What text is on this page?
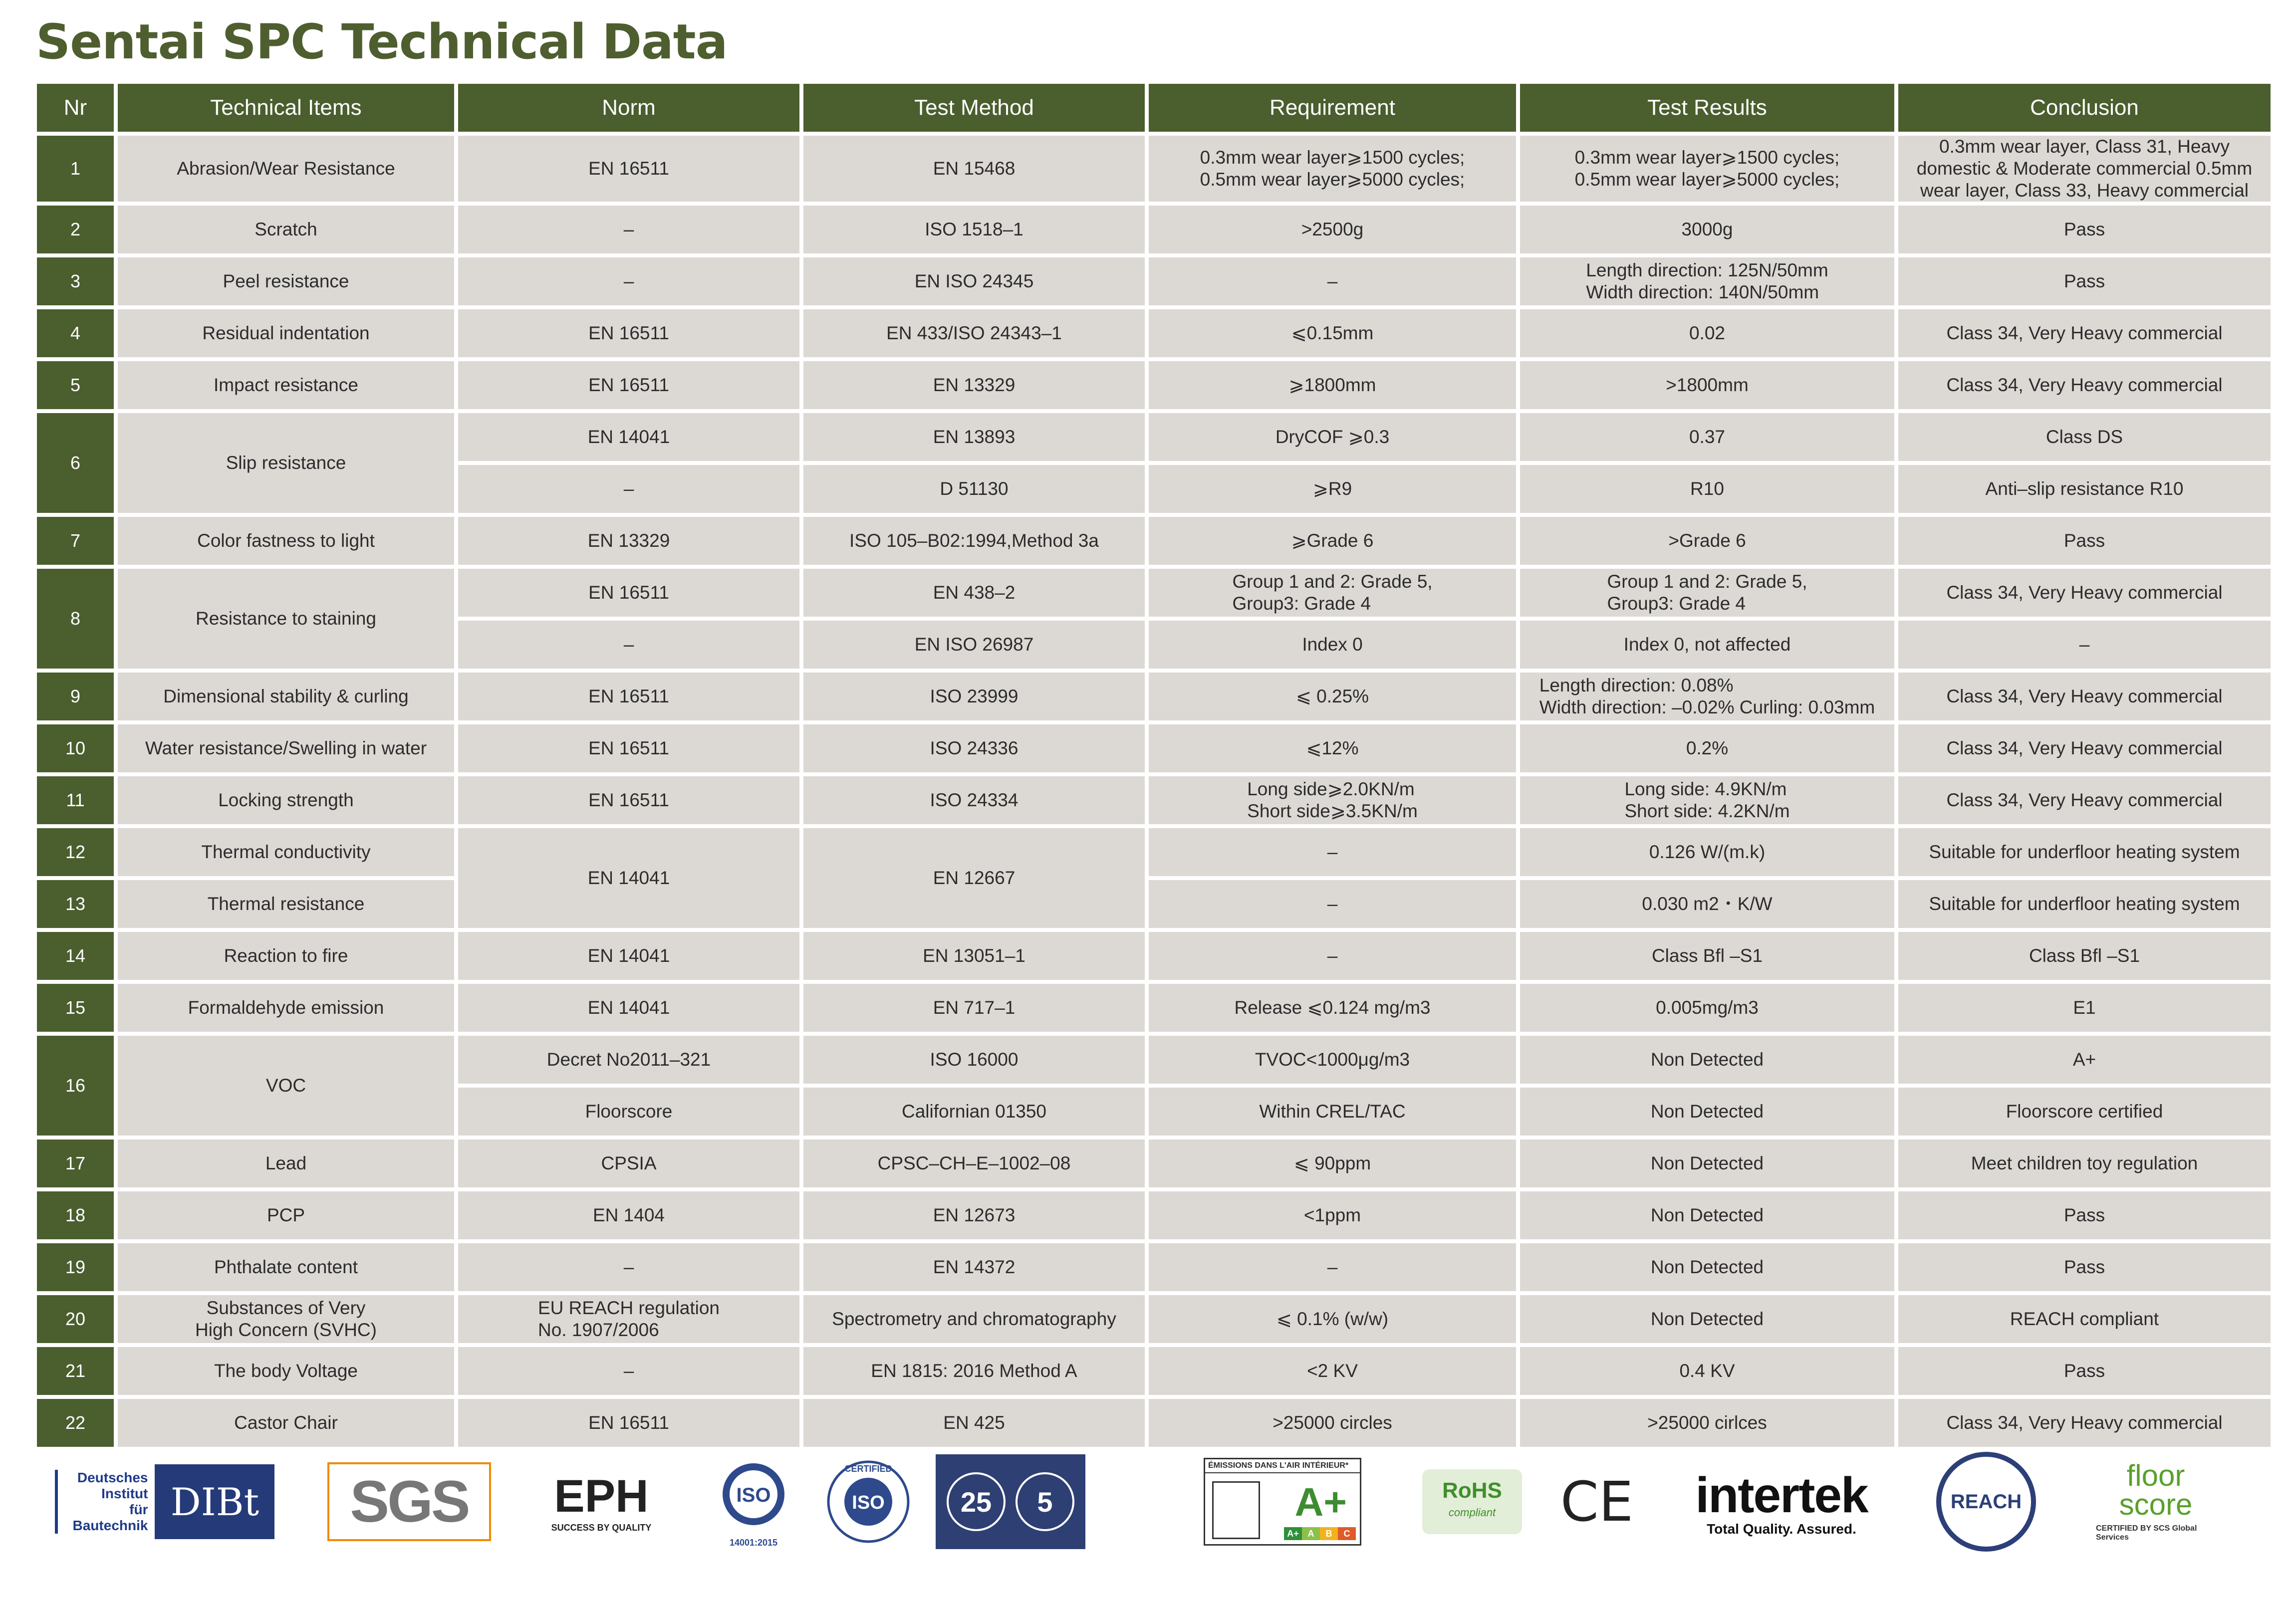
Sentai SPC Technical Data
Nr	Technical Items	Norm	Test Method	Requirement	Test Results	Conclusion
1	Abrasion/Wear Resistance	EN 16511	EN 15468	0.3mm wear layer⩾1500 cycles;
0.5mm wear layer⩾5000 cycles;	0.3mm wear layer⩾1500 cycles;
0.5mm wear layer⩾5000 cycles;	0.3mm wear layer, Class 31, Heavy domestic & Moderate commercial 0.5mm wear layer, Class 33, Heavy commercial
2	Scratch	–	ISO 1518–1	>2500g	3000g	Pass
3	Peel resistance	–	EN ISO 24345	–	Length direction: 125N/50mm
Width direction: 140N/50mm	Pass
4	Residual indentation	EN 16511	EN 433/ISO 24343–1	⩽0.15mm	0.02	Class 34, Very Heavy commercial
5	Impact resistance	EN 16511	EN 13329	⩾1800mm	>1800mm	Class 34, Very Heavy commercial
6	Slip resistance	EN 14041	EN 13893	DryCOF ⩾0.3	0.37	Class DS
		–	D 51130	⩾R9	R10	Anti–slip resistance R10
7	Color fastness to light	EN 13329	ISO 105–B02:1994,Method 3a	⩾Grade 6	>Grade 6	Pass
8	Resistance to staining	EN 16511	EN 438–2	Group 1 and 2: Grade 5,
Group3: Grade 4	Group 1 and 2: Grade 5,
Group3: Grade 4	Class 34, Very Heavy commercial
		–	EN ISO 26987	Index 0	Index 0, not affected	–
9	Dimensional stability & curling	EN 16511	ISO 23999	⩽ 0.25%	Length direction: 0.08%
Width direction: –0.02% Curling: 0.03mm	Class 34, Very Heavy commercial
10	Water resistance/Swelling in water	EN 16511	ISO 24336	⩽12%	0.2%	Class 34, Very Heavy commercial
11	Locking strength	EN 16511	ISO 24334	Long side⩾2.0KN/m
Short side⩾3.5KN/m	Long side: 4.9KN/m
Short side: 4.2KN/m	Class 34, Very Heavy commercial
12	Thermal conductivity	EN 14041	EN 12667	–	0.126 W/(m.k)	Suitable for underfloor heating system
13	Thermal resistance			–	0.030 m2・K/W	Suitable for underfloor heating system
14	Reaction to fire	EN 14041	EN 13051–1	–	Class Bfl –S1	Class Bfl –S1
15	Formaldehyde emission	EN 14041	EN 717–1	Release ⩽0.124 mg/m3	0.005mg/m3	E1
16	VOC	Decret No2011–321	ISO 16000	TVOC<1000μg/m3	Non Detected	A+
		Floorscore	Californian 01350	Within CREL/TAC	Non Detected	Floorscore certified
17	Lead	CPSIA	CPSC–CH–E–1002–08	⩽ 90ppm	Non Detected	Meet children toy regulation
18	PCP	EN 1404	EN 12673	<1ppm	Non Detected	Pass
19	Phthalate content	–	EN 14372	–	Non Detected	Pass
20	Substances of Very
High Concern (SVHC)	EU REACH regulation
No. 1907/2006	Spectrometry and chromatography	⩽ 0.1% (w/w)	Non Detected	REACH compliant
21	The body Voltage	–	EN 1815: 2016 Method A	<2 KV	0.4 KV	Pass
22	Castor Chair	EN 16511	EN 425	>25000 circles	>25000 cirlces	Class 34, Very Heavy commercial
Deutsches
Institut
für
Bautechnik
DIBt	SGS	EPH
SUCCESS BY QUALITY
ISO
14001:2015
ISO
CERTIFIED
25	5
ÉMISSIONS DANS L'AIR INTÉRIEUR*
A+
A+ A	B	C
RoHS
compliant CE intertek
Total Quality. Assured.
REACH
floor
score
CERTIFIED BY SCS Global Services
